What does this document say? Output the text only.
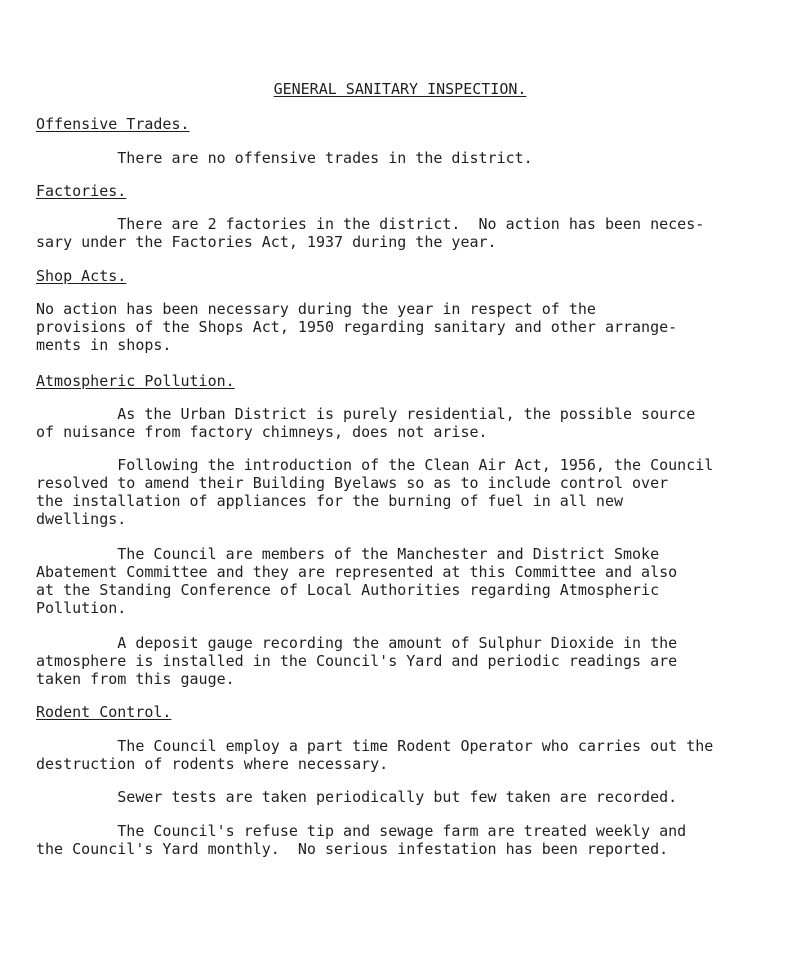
GENERAL SANITARY INSPECTION.
Offensive Trades.

There are no offensive trades in the district.

Factories.

There are 2 factories in the district.  No action has been neces-
sary under the Factories Act, 1937 during the year.

Shop Acts.

No action has been necessary during the year in respect of the
provisions of the Shops Act, 1950 regarding sanitary and other arrange-
ments in shops.

Atmospheric Pollution.

As the Urban District is purely residential, the possible source
of nuisance from factory chimneys, does not arise.

Following the introduction of the Clean Air Act, 1956, the Council
resolved to amend their Building Byelaws so as to include control over
the installation of appliances for the burning of fuel in all new
dwellings.

The Council are members of the Manchester and District Smoke
Abatement Committee and they are represented at this Committee and also
at the Standing Conference of Local Authorities regarding Atmospheric
Pollution.

A deposit gauge recording the amount of Sulphur Dioxide in the
atmosphere is installed in the Council's Yard and periodic readings are
taken from this gauge.

Rodent Control.

The Council employ a part time Rodent Operator who carries out the
destruction of rodents where necessary.

Sewer tests are taken periodically but few taken are recorded.

The Council's refuse tip and sewage farm are treated weekly and
the Council's Yard monthly.  No serious infestation has been reported.
